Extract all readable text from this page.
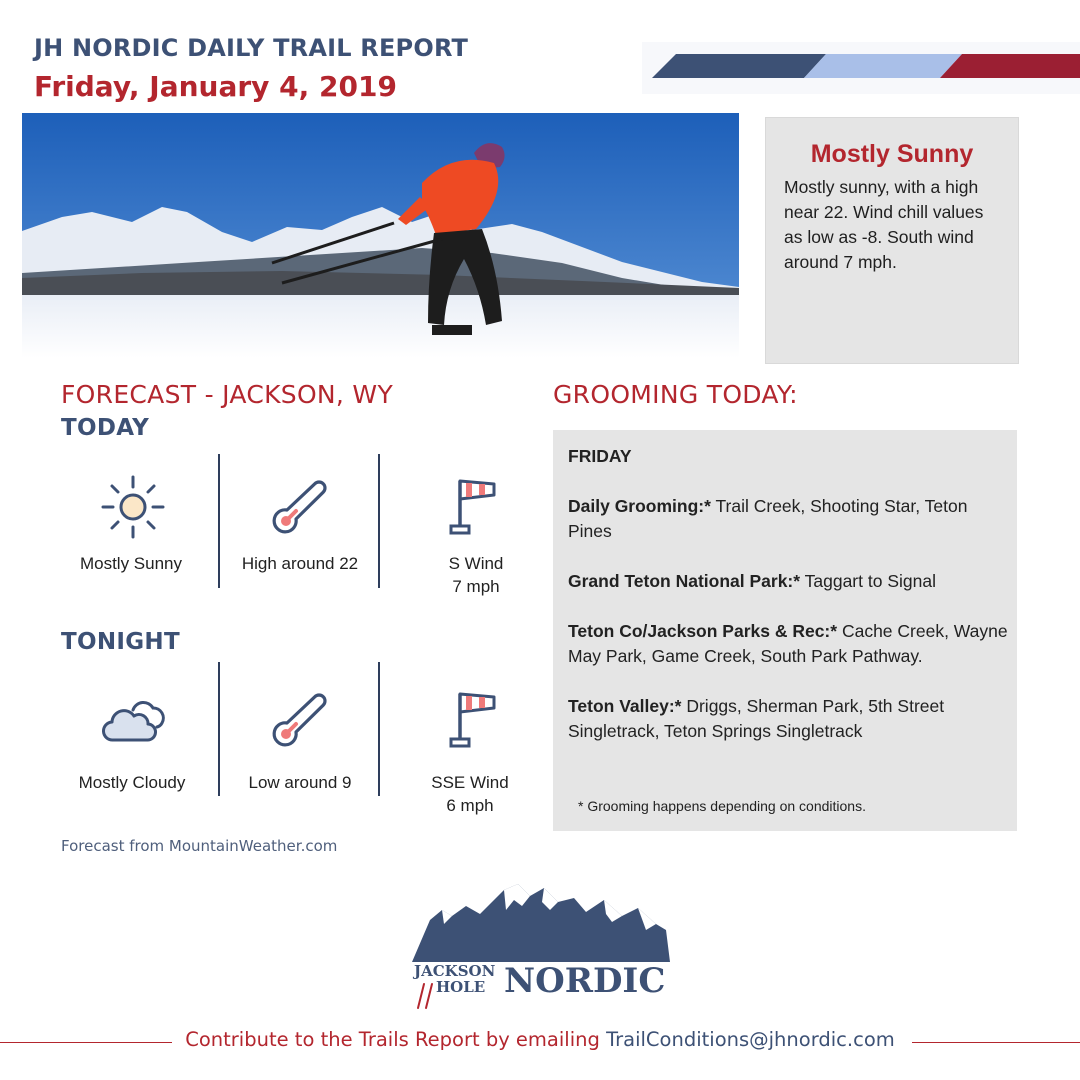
JH NORDIC DAILY TRAIL REPORT
Friday, January 4, 2019
Mostly Sunny
Mostly sunny, with a high near 22. Wind chill values as low as -8. South wind around 7 mph.
FORECAST - JACKSON, WY
TODAY
Mostly Sunny	High around 22	S Wind
7 mph
TONIGHT
Mostly Cloudy	Low around 9	SSE Wind
6 mph
Forecast from MountainWeather.com
GROOMING TODAY:

FRIDAY

Daily Grooming:* Trail Creek, Shooting Star, Teton Pines

Grand Teton National Park:* Taggart to Signal

Teton Co/Jackson Parks & Rec:* Cache Creek, Wayne May Park, Game Creek, South Park Pathway.

Teton Valley:* Driggs, Sherman Park, 5th Street Singletrack, Teton Springs Singletrack

* Grooming happens depending on conditions.

JACKSON
HOLE NORDIC
Contribute to the Trails Report by emailing TrailConditions@jhnordic.com
